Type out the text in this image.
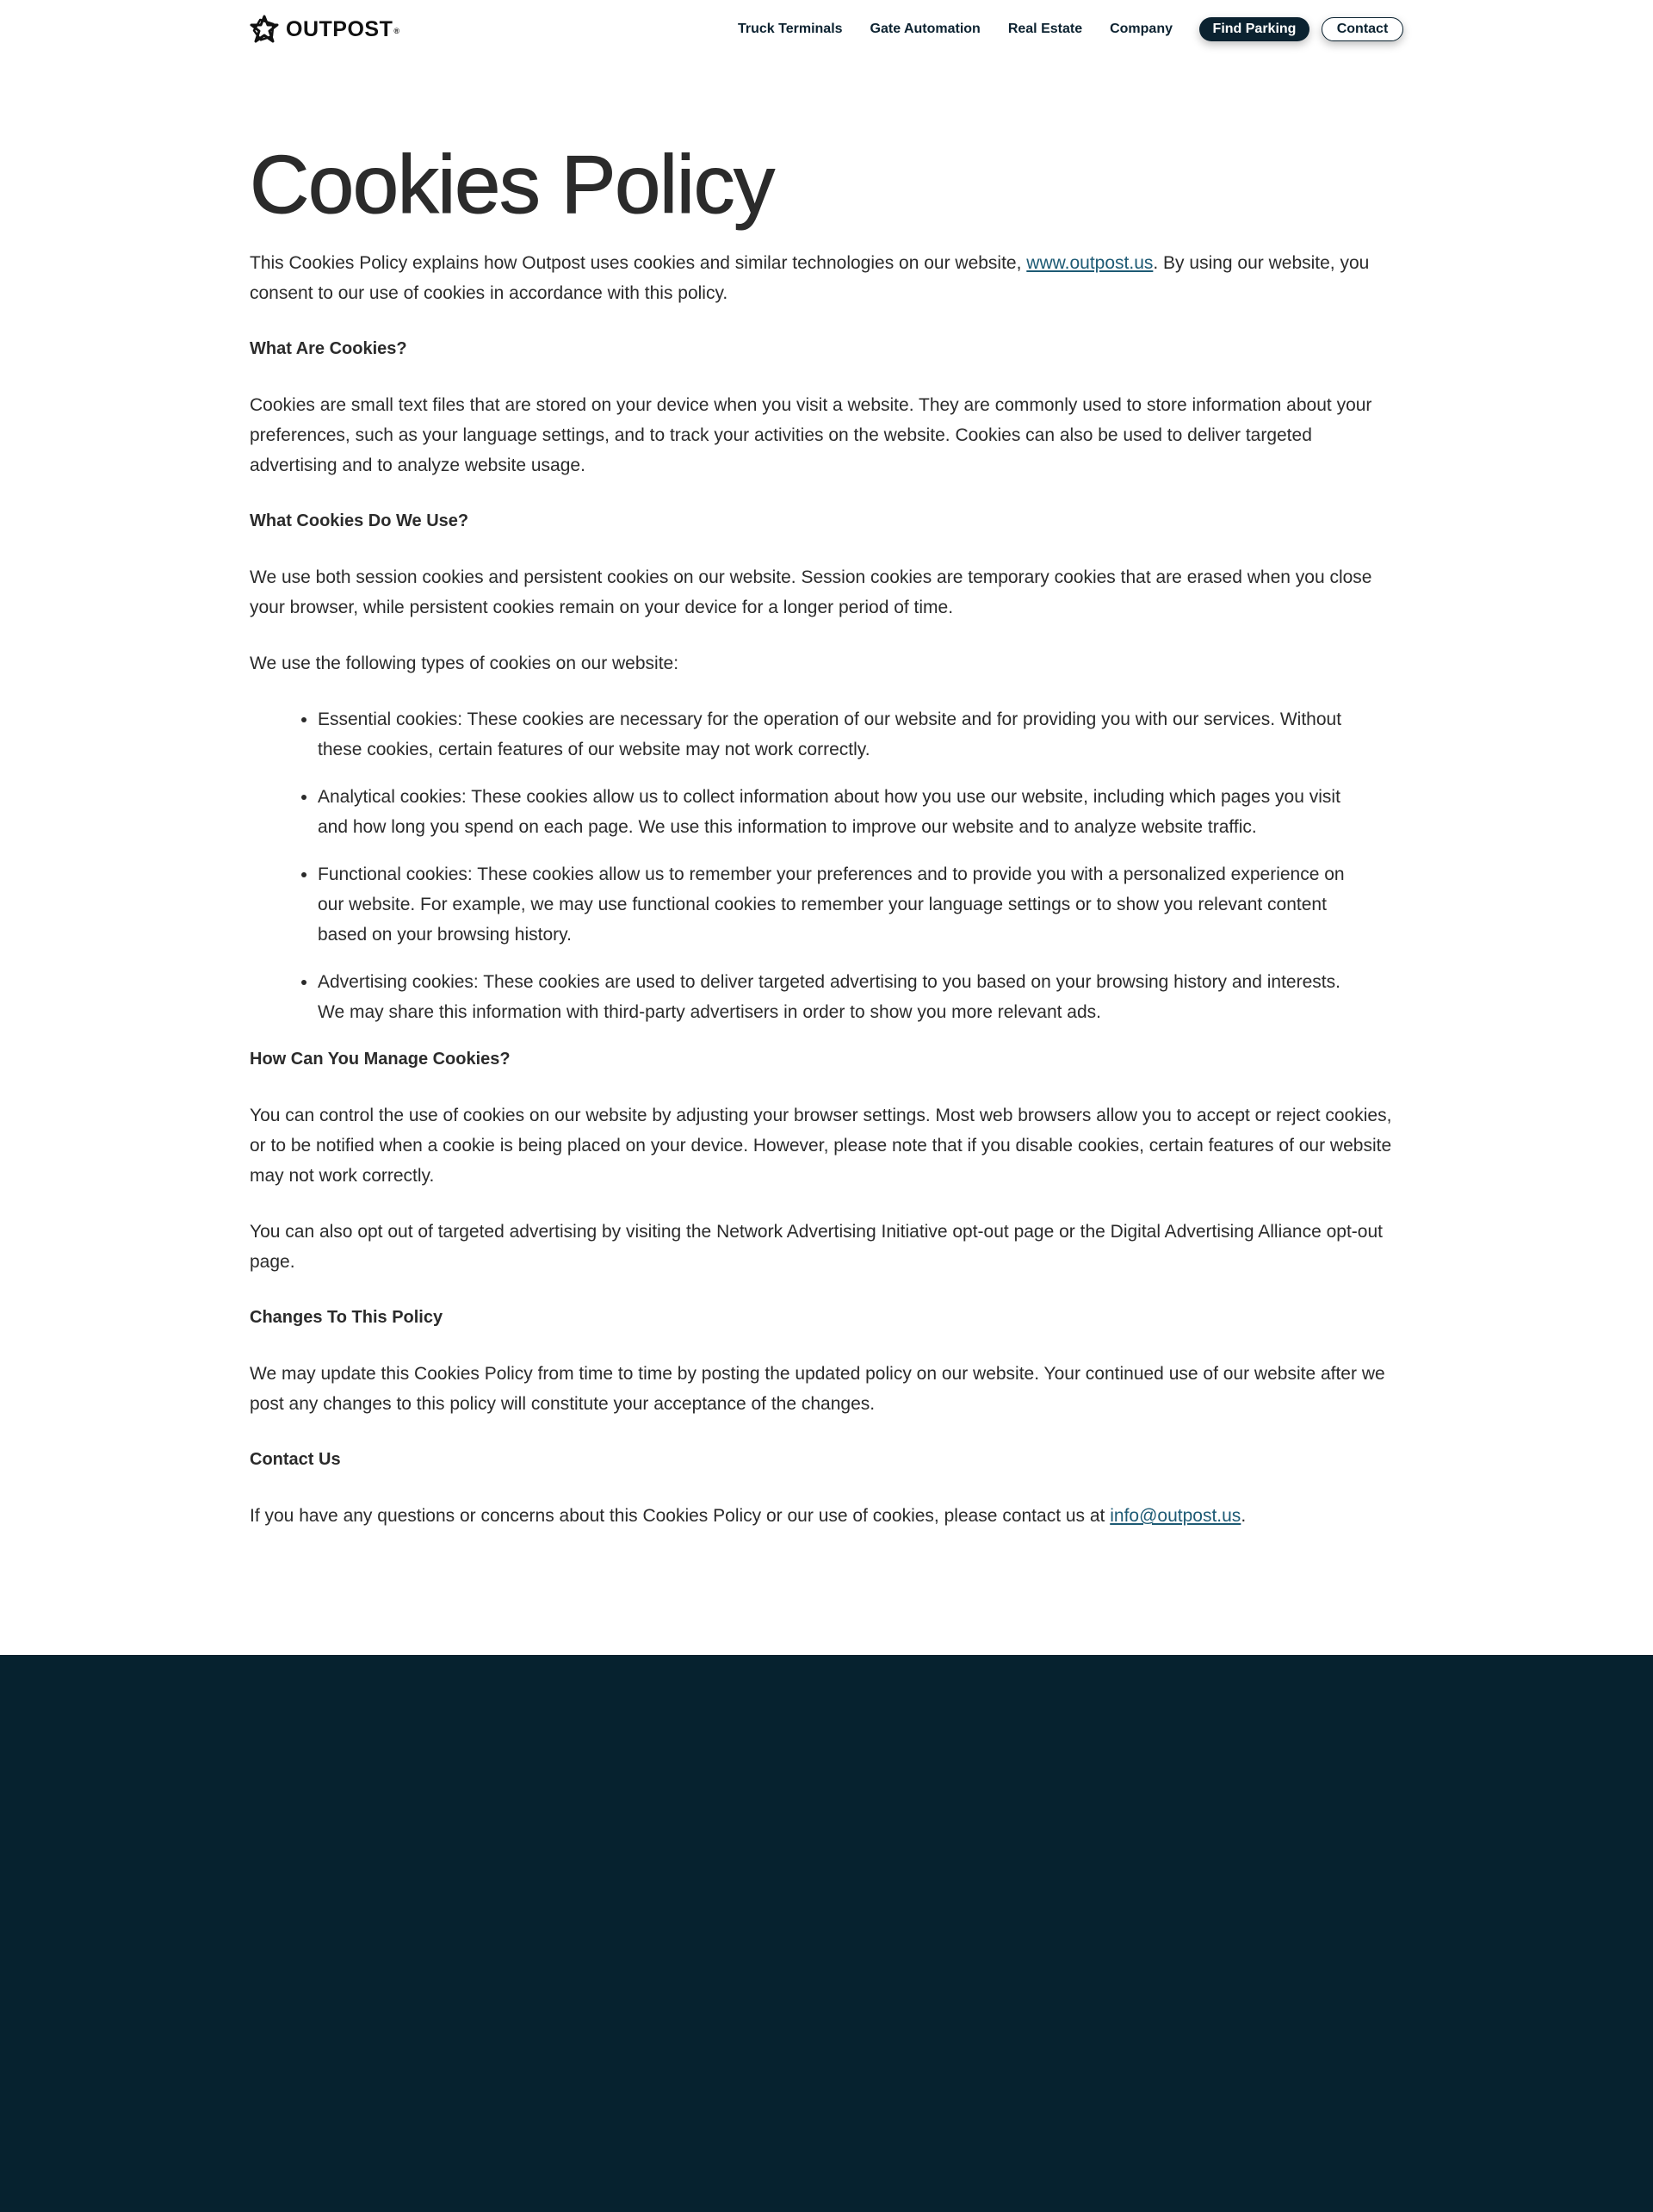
OUTPOST ®	Truck Terminals Gate Automation Real Estate Company	Find Parking	Contact
Cookies Policy

This Cookies Policy explains how Outpost uses cookies and similar technologies on our website, www.outpost.us. By using our website, you consent to our use of cookies in accordance with this policy.

What Are Cookies?

Cookies are small text files that are stored on your device when you visit a website. They are commonly used to store information about your preferences, such as your language settings, and to track your activities on the website. Cookies can also be used to deliver targeted advertising and to analyze website usage.

What Cookies Do We Use?

We use both session cookies and persistent cookies on our website. Session cookies are temporary cookies that are erased when you close your browser, while persistent cookies remain on your device for a longer period of time.

We use the following types of cookies on our website:

• Essential cookies: These cookies are necessary for the operation of our website and for providing you with our services. Without these cookies, certain features of our website may not work correctly.
• Analytical cookies: These cookies allow us to collect information about how you use our website, including which pages you visit and how long you spend on each page. We use this information to improve our website and to analyze website traffic.
• Functional cookies: These cookies allow us to remember your preferences and to provide you with a personalized experience on our website. For example, we may use functional cookies to remember your language settings or to show you relevant content based on your browsing history.
• Advertising cookies: These cookies are used to deliver targeted advertising to you based on your browsing history and interests. We may share this information with third-party advertisers in order to show you more relevant ads.
How Can You Manage Cookies?

You can control the use of cookies on our website by adjusting your browser settings. Most web browsers allow you to accept or reject cookies, or to be notified when a cookie is being placed on your device. However, please note that if you disable cookies, certain features of our website may not work correctly.

You can also opt out of targeted advertising by visiting the Network Advertising Initiative opt-out page or the Digital Advertising Alliance opt-out page.

Changes To This Policy

We may update this Cookies Policy from time to time by posting the updated policy on our website. Your continued use of our website after we post any changes to this policy will constitute your acceptance of the changes.

Contact Us

If you have any questions or concerns about this Cookies Policy or our use of cookies, please contact us at info@outpost.us.
